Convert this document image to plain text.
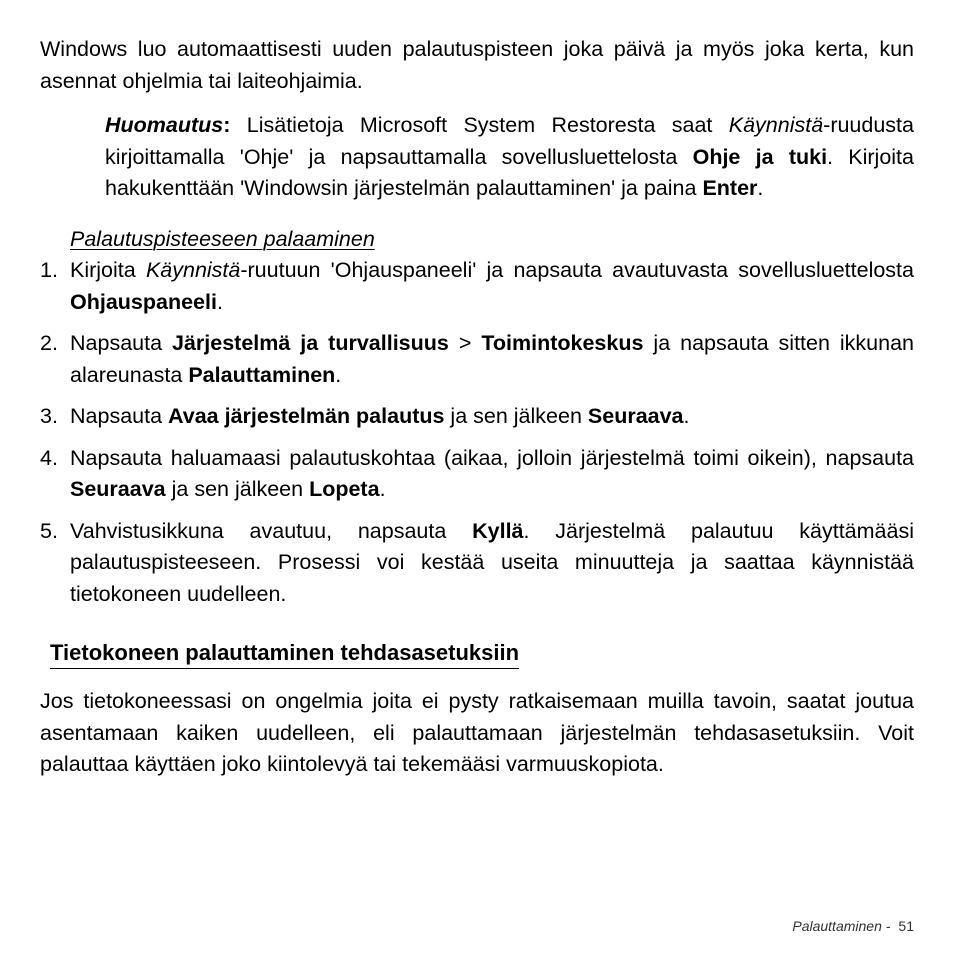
Windows luo automaattisesti uuden palautuspisteen joka päivä ja myös joka kerta, kun asennat ohjelmia tai laiteohjaimia.

Huomautus: Lisätietoja Microsoft System Restoresta saat Käynnistä-ruudusta kirjoittamalla 'Ohje' ja napsauttamalla sovellusluettelosta Ohje ja tuki. Kirjoita hakukenttään 'Windowsin järjestelmän palauttaminen' ja paina Enter.

Palautuspisteeseen palaaminen

1. Kirjoita Käynnistä-ruutuun 'Ohjauspaneeli' ja napsauta avautuvasta sovellusluettelosta Ohjauspaneeli.
2. Napsauta Järjestelmä ja turvallisuus > Toimintokeskus ja napsauta sitten ikkunan alareunasta Palauttaminen.
3. Napsauta Avaa järjestelmän palautus ja sen jälkeen Seuraava.
4. Napsauta haluamaasi palautuskohtaa (aikaa, jolloin järjestelmä toimi oikein), napsauta Seuraava ja sen jälkeen Lopeta.
5. Vahvistusikkuna avautuu, napsauta Kyllä. Järjestelmä palautuu käyttämääsi palautuspisteeseen. Prosessi voi kestää useita minuutteja ja saattaa käynnistää tietokoneen uudelleen.
Tietokoneen palauttaminen tehdasasetuksiin

Jos tietokoneessasi on ongelmia joita ei pysty ratkaisemaan muilla tavoin, saatat joutua asentamaan kaiken uudelleen, eli palauttamaan järjestelmän tehdasasetuksiin. Voit palauttaa käyttäen joko kiintolevyä tai tekemääsi varmuuskopiota.

Palauttaminen - 51
